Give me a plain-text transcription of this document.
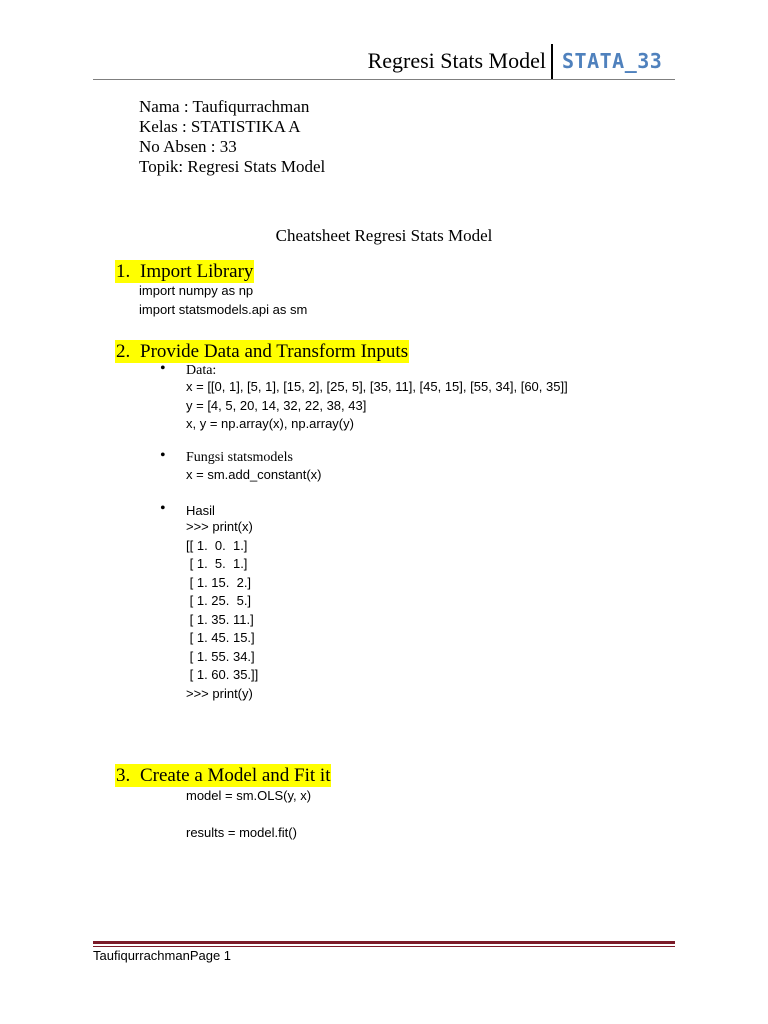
Regresi Stats Model STATA_33
Nama : Taufiqurrachman
Kelas : STATISTIKA A
No Absen : 33
Topik: Regresi Stats Model
Cheatsheet Regresi Stats Model
1. Import Library
import numpy as np
import statsmodels.api as sm
2. Provide Data and Transform Inputs
• Data:
x = [[0, 1], [5, 1], [15, 2], [25, 5], [35, 11], [45, 15], [55, 34], [60, 35]]
y = [4, 5, 20, 14, 32, 22, 38, 43]
x, y = np.array(x), np.array(y)
• Fungsi statsmodels
x = sm.add_constant(x)
• Hasil
>>> print(x)
[[ 1.  0.  1.]
[ 1.  5.  1.]
[ 1. 15.  2.]
[ 1. 25.  5.]
[ 1. 35. 11.]
[ 1. 45. 15.]
[ 1. 55. 34.]
[ 1. 60. 35.]]
>>> print(y)
3. Create a Model and Fit it
model = sm.OLS(y, x)
results = model.fit()
TaufiqurrachmanPage 1
